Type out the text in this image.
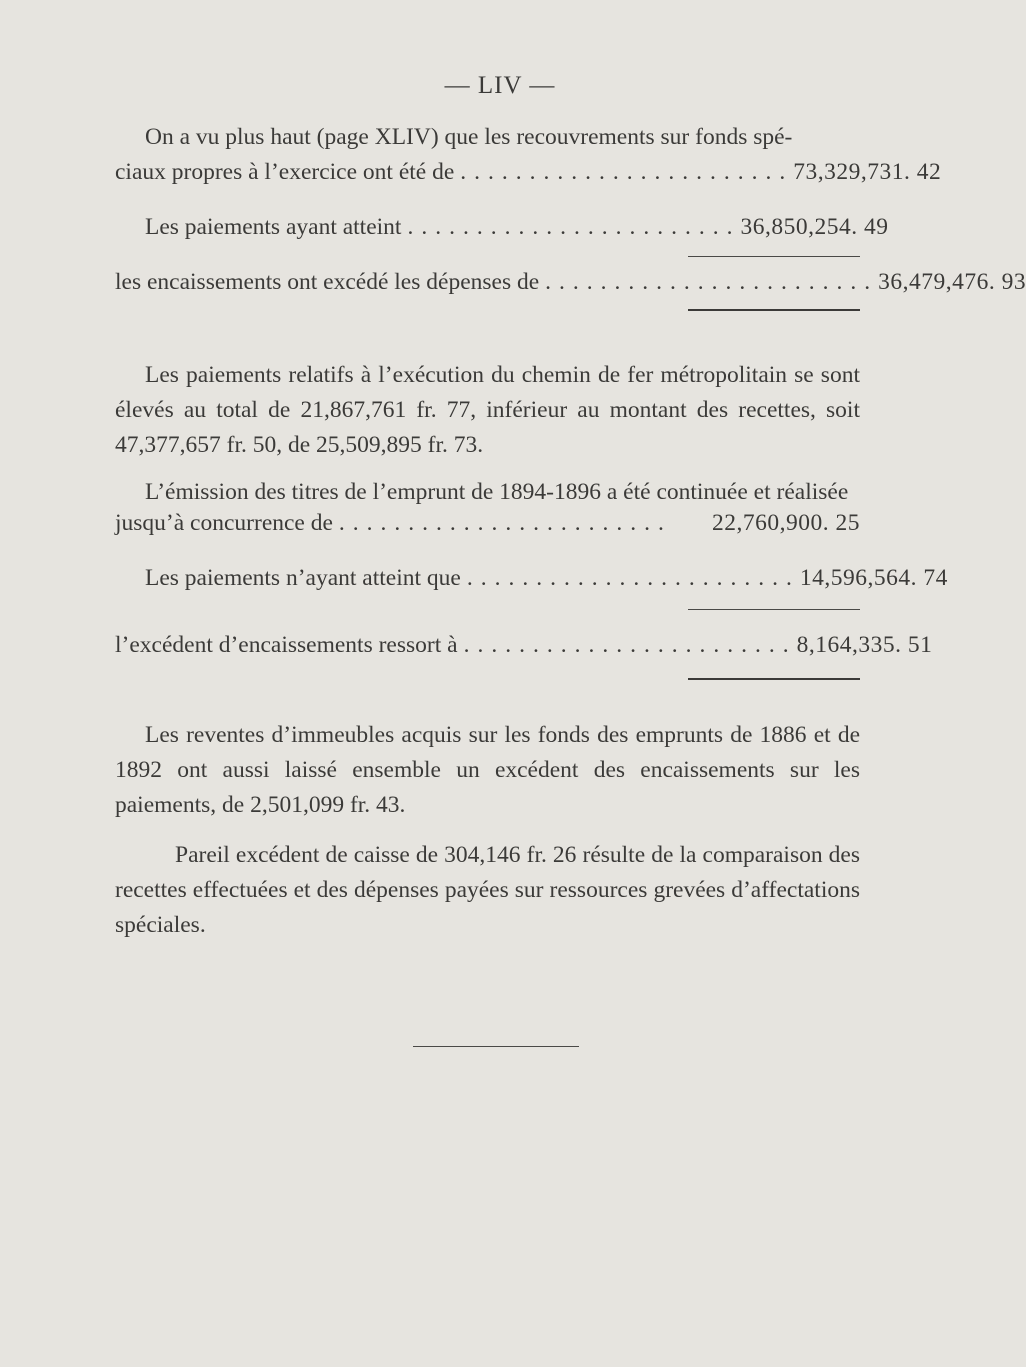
— LIV —

On a vu plus haut (page XLIV) que les recouvrements sur fonds spé-

ciaux propres à l’exercice ont été de ........................ 73,329,731. 42
Les paiements ayant atteint ........................ 36,850,254. 49
les encaissements ont excédé les dépenses de ........................ 36,479,476. 93

Les paiements relatifs à l’exécution du chemin de fer métropolitain se sont élevés au total de 21,867,761 fr. 77, inférieur au montant des recettes, soit 47,377,657 fr. 50, de 25,509,895 fr. 73.

L’émission des titres de l’emprunt de 1894-1896 a été continuée et réalisée

jusqu’à concurrence de ........................	22,760,900. 25
Les paiements n’ayant atteint que ........................ 14,596,564. 74
l’excédent d’encaissements ressort à ........................ 8,164,335. 51

Les reventes d’immeubles acquis sur les fonds des emprunts de 1886 et de 1892 ont aussi laissé ensemble un excédent des encaissements sur les paiements, de 2,501,099 fr. 43.

Pareil excédent de caisse de 304,146 fr. 26 résulte de la comparaison des recettes effectuées et des dépenses payées sur ressources grevées d’affectations spéciales.
